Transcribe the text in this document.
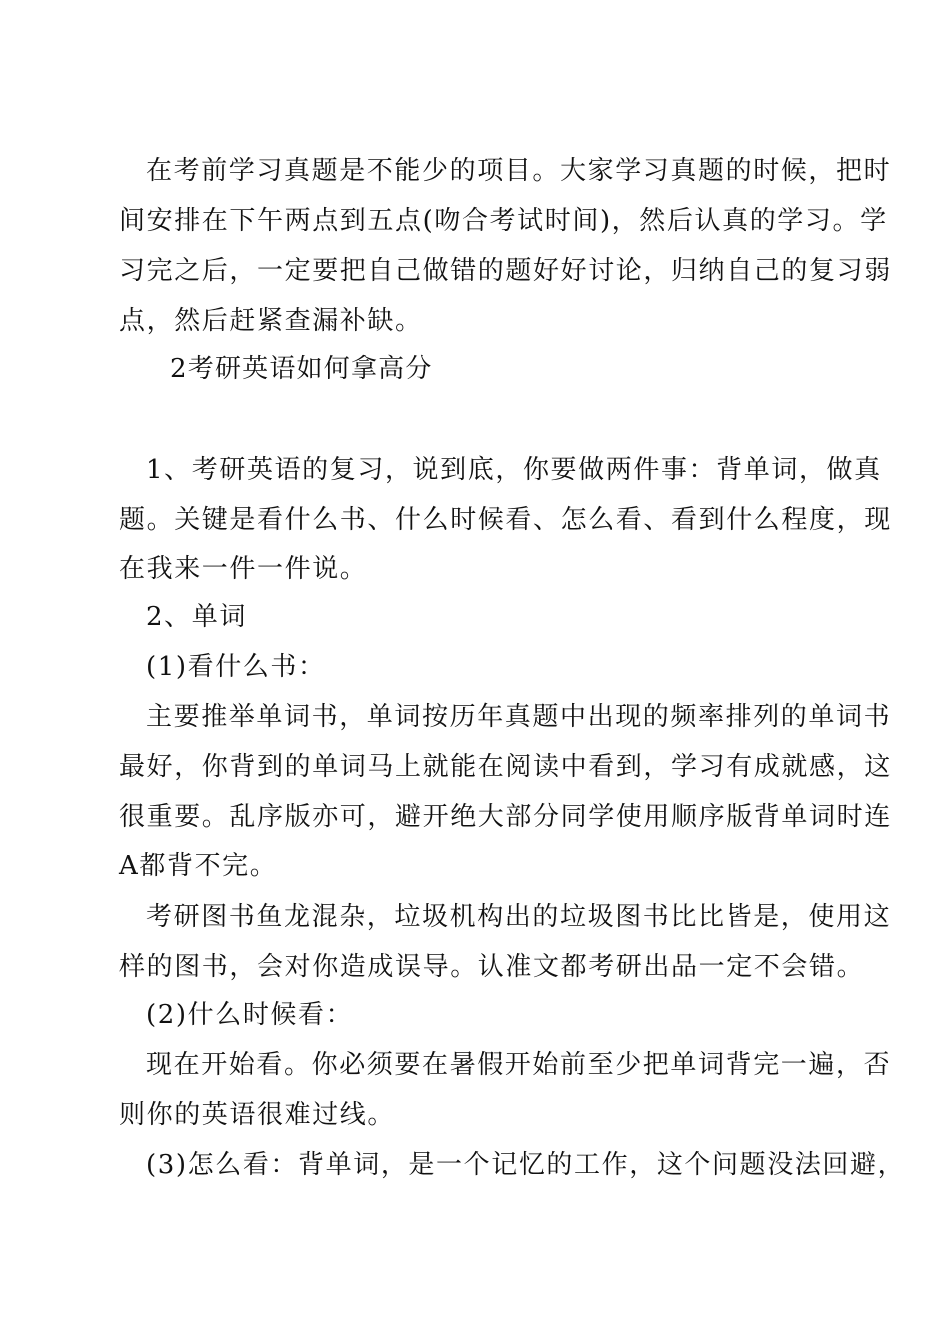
在考前学习真题是不能少的项目。大家学习真题的时候，把时
间安排在下午两点到五点(吻合考试时间)，然后认真的学习。学
习完之后，一定要把自己做错的题好好讨论，归纳自己的复习弱
点，然后赶紧查漏补缺。
2考研英语如何拿高分
1、考研英语的复习，说到底，你要做两件事：背单词，做真
题。关键是看什么书、什么时候看、怎么看、看到什么程度，现
在我来一件一件说。
2、单词
(1)看什么书：
主要推举单词书，单词按历年真题中出现的频率排列的单词书
最好，你背到的单词马上就能在阅读中看到，学习有成就感，这
很重要。乱序版亦可，避开绝大部分同学使用顺序版背单词时连
A都背不完。
考研图书鱼龙混杂，垃圾机构出的垃圾图书比比皆是，使用这
样的图书，会对你造成误导。认准文都考研出品一定不会错。
(2)什么时候看：
现在开始看。你必须要在暑假开始前至少把单词背完一遍，否
则你的英语很难过线。
(3)怎么看：背单词，是一个记忆的工作，这个问题没法回避，
